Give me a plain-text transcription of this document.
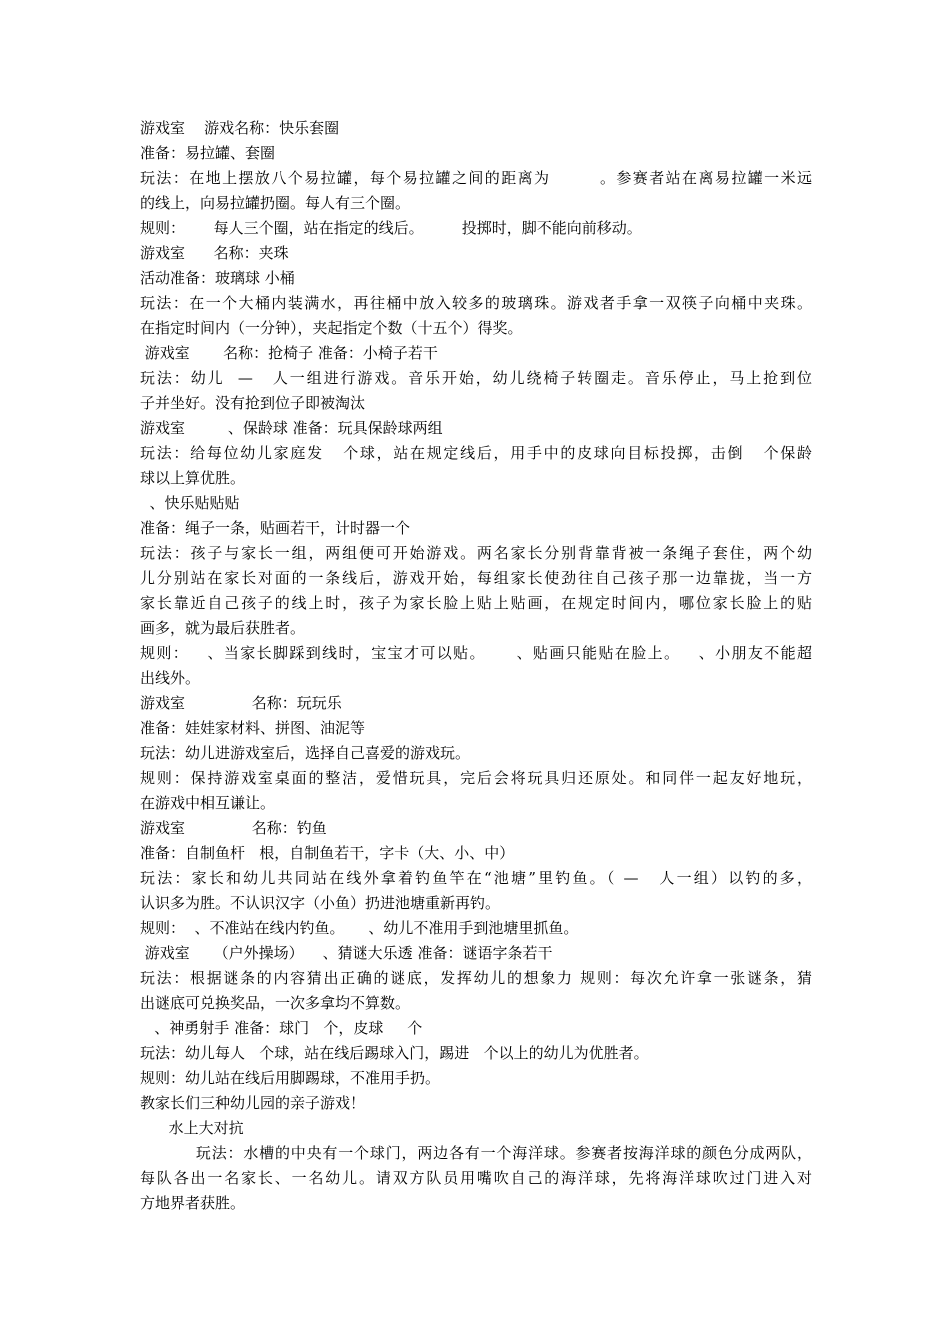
游戏室    游戏名称：快乐套圈
准备：易拉罐、套圈
玩法：在地上摆放八个易拉罐，每个易拉罐之间的距离为        。参赛者站在离易拉罐一米远
的线上，向易拉罐扔圈。每人有三个圈。
规则：      每人三个圈，站在指定的线后。        投掷时，脚不能向前移动。
游戏室      名称：夹珠
活动准备：玻璃球 小桶
玩法：在一个大桶内装满水，再往桶中放入较多的玻璃珠。游戏者手拿一双筷子向桶中夹珠。
在指定时间内（一分钟），夹起指定个数（十五个）得奖。
游戏室       名称：抢椅子 准备：小椅子若干
玩法：幼儿  —   人一组进行游戏。音乐开始，幼儿绕椅子转圈走。音乐停止，马上抢到位
子并坐好。没有抢到位子即被淘汰
游戏室         、保龄球 准备：玩具保龄球两组
玩法：给每位幼儿家庭发   个球，站在规定线后，用手中的皮球向目标投掷，击倒   个保龄
球以上算优胜。
、快乐贴贴贴
准备：绳子一条，贴画若干，计时器一个
玩法：孩子与家长一组，两组便可开始游戏。两名家长分别背靠背被一条绳子套住，两个幼
儿分别站在家长对面的一条线后，游戏开始，每组家长使劲往自己孩子那一边靠拢，当一方
家长靠近自己孩子的线上时，孩子为家长脸上贴上贴画，在规定时间内，哪位家长脸上的贴
画多，就为最后获胜者。
规则：   、当家长脚踩到线时，宝宝才可以贴。     、贴画只能贴在脸上。   、小朋友不能超
出线外。
游戏室              名称：玩玩乐
准备：娃娃家材料、拼图、油泥等
玩法：幼儿进游戏室后，选择自己喜爱的游戏玩。
规则：保持游戏室桌面的整洁，爱惜玩具，完后会将玩具归还原处。和同伴一起友好地玩，
在游戏中相互谦让。
游戏室              名称：钓鱼
准备：自制鱼杆   根，自制鱼若干，字卡（大、小、中）
玩法：家长和幼儿共同站在线外拿着钓鱼竿在“池塘”里钓鱼。（ —   人一组）以钓的多，
认识多为胜。不认识汉字（小鱼）扔进池塘重新再钓。
规则：  、不准站在线内钓鱼。     、幼儿不准用手到池塘里抓鱼。
游戏室     （户外操场）    、猜谜大乐透 准备：谜语字条若干
玩法：根据谜条的内容猜出正确的谜底，发挥幼儿的想象力 规则：每次允许拿一张谜条，猜
出谜底可兑换奖品，一次多拿均不算数。
、神勇射手 准备：球门   个，皮球     个
玩法：幼儿每人   个球，站在线后踢球入门，踢进   个以上的幼儿为优胜者。
规则：幼儿站在线后用脚踢球，不准用手扔。
教家长们三种幼儿园的亲子游戏！
水上大对抗
玩法：水槽的中央有一个球门，两边各有一个海洋球。参赛者按海洋球的颜色分成两队，
每队各出一名家长、一名幼儿。请双方队员用嘴吹自己的海洋球，先将海洋球吹过门进入对
方地界者获胜。
